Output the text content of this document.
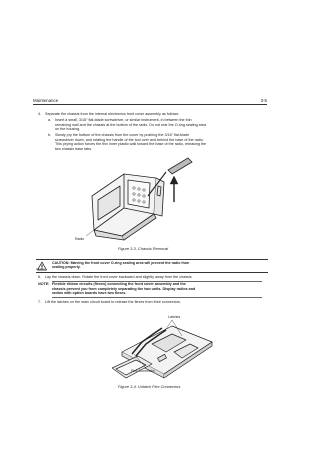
Maintenance	3-5
4. Separate the chassis from the internal electronics front cover assembly as follows:
a. Insert a small, 3/16" flat-blade screwdriver, or similar instrument, in between the thin
remaining wall and the chassis at the bottom of the radio. Do not mar the O-ring sealing area
on the housing.
b. Slowly pry the bottom of the chassis from the cover by pushing the 3/16" flat-blade
screwdriver down, and rotating the handle of the tool over and behind the base of the radio.
This prying action forces the thin inner plastic wall toward the base of the radio, releasing the
two chassis base tabs.
Radio
Figure 3-3. Chassis Removal
Caution
CAUTION: Marring the front cover O-ring sealing area will prevent the radio from
sealing properly.
6. Lay the chassis down. Rotate the front cover backward and slightly away from the chassis.
NOTE: Flexible ribbon circuits (flexes) connecting the front cover assembly and the
chassis prevent you from completely separating the two units. Display radios and
radios with option boards have two flexes.
7. Lift the latches on the main circuit board to release the flexes from their connectors.
Latches
Flex Connector
Figure 3-4. Unlatch Flex Connectors
